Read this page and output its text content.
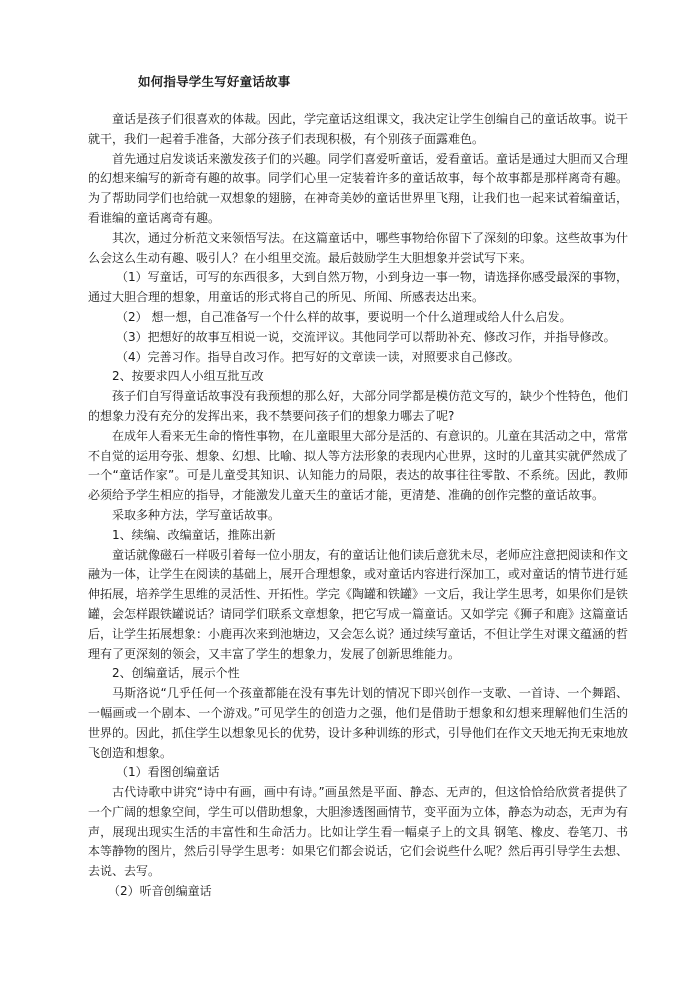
如何指导学生写好童话故事

童话是孩子们很喜欢的体裁。因此，学完童话这组课文，我决定让学生创编自己的童话故事。说干就干，我们一起着手准备，大部分孩子们表现积极，有个别孩子面露难色。

首先通过启发谈话来激发孩子们的兴趣。同学们喜爱听童话，爱看童话。童话是通过大胆而又合理的幻想来编写的新奇有趣的故事。同学们心里一定装着许多的童话故事，每个故事都是那样离奇有趣。为了帮助同学们也给就一双想象的翅膀，在神奇美妙的童话世界里飞翔，让我们也一起来试着编童话，看谁编的童话离奇有趣。

其次，通过分析范文来领悟写法。在这篇童话中，哪些事物给你留下了深刻的印象。这些故事为什么会这么生动有趣、吸引人？在小组里交流。最后鼓励学生大胆想象并尝试写下来。

（1）写童话，可写的东西很多，大到自然万物，小到身边一事一物，请选择你感受最深的事物，通过大胆合理的想象，用童话的形式将自己的所见、所闻、所感表达出来。

（2） 想一想，自己准备写一个什么样的故事，要说明一个什么道理或给人什么启发。

（3）把想好的故事互相说一说，交流评议。其他同学可以帮助补充、修改习作，并指导修改。

（4）完善习作。指导自改习作。把写好的文章读一读，对照要求自己修改。

2、按要求四人小组互批互改

孩子们自写得童话故事没有我预想的那么好，大部分同学都是模仿范文写的，缺少个性特色，他们的想象力没有充分的发挥出来，我不禁要问孩子们的想象力哪去了呢?

在成年人看来无生命的惰性事物，在儿童眼里大部分是活的、有意识的。儿童在其活动之中，常常不自觉的运用夸张、想象、幻想、比喻、拟人等方法形象的表现内心世界，这时的儿童其实就俨然成了一个“童话作家”。可是儿童受其知识、认知能力的局限，表达的故事往往零散、不系统。因此，教师必须给予学生相应的指导，才能激发儿童天生的童话才能，更清楚、准确的创作完整的童话故事。

采取多种方法，学写童话故事。

1、续编、改编童话，推陈出新

童话就像磁石一样吸引着每一位小朋友，有的童话让他们读后意犹未尽，老师应注意把阅读和作文融为一体，让学生在阅读的基础上，展开合理想象，或对童话内容进行深加工，或对童话的情节进行延伸拓展，培养学生思维的灵活性、开拓性。学完《陶罐和铁罐》一文后，我让学生思考，如果你们是铁罐，会怎样跟铁罐说话？请同学们联系文章想象，把它写成一篇童话。又如学完《狮子和鹿》这篇童话后，让学生拓展想象：小鹿再次来到池塘边，又会怎么说？通过续写童话，不但让学生对课文蕴涵的哲理有了更深刻的领会，又丰富了学生的想象力，发展了创新思维能力。

2、创编童话，展示个性

马斯洛说“几乎任何一个孩童都能在没有事先计划的情况下即兴创作一支歌、一首诗、一个舞蹈、一幅画或一个剧本、一个游戏。”可见学生的创造力之强，他们是借助于想象和幻想来理解他们生活的世界的。因此，抓住学生以想象见长的优势，设计多种训练的形式，引导他们在作文天地无拘无束地放飞创造和想象。

（1）看图创编童话

古代诗歌中讲究“诗中有画，画中有诗。”画虽然是平面、静态、无声的，但这恰恰给欣赏者提供了一个广阔的想象空间，学生可以借助想象，大胆渗透图画情节，变平面为立体，静态为动态，无声为有声，展现出现实生活的丰富性和生命活力。比如让学生看一幅桌子上的文具 钢笔、橡皮、卷笔刀、书本等静物的图片，然后引导学生思考：如果它们都会说话，它们会说些什么呢？然后再引导学生去想、去说、去写。

（2）听音创编童话
